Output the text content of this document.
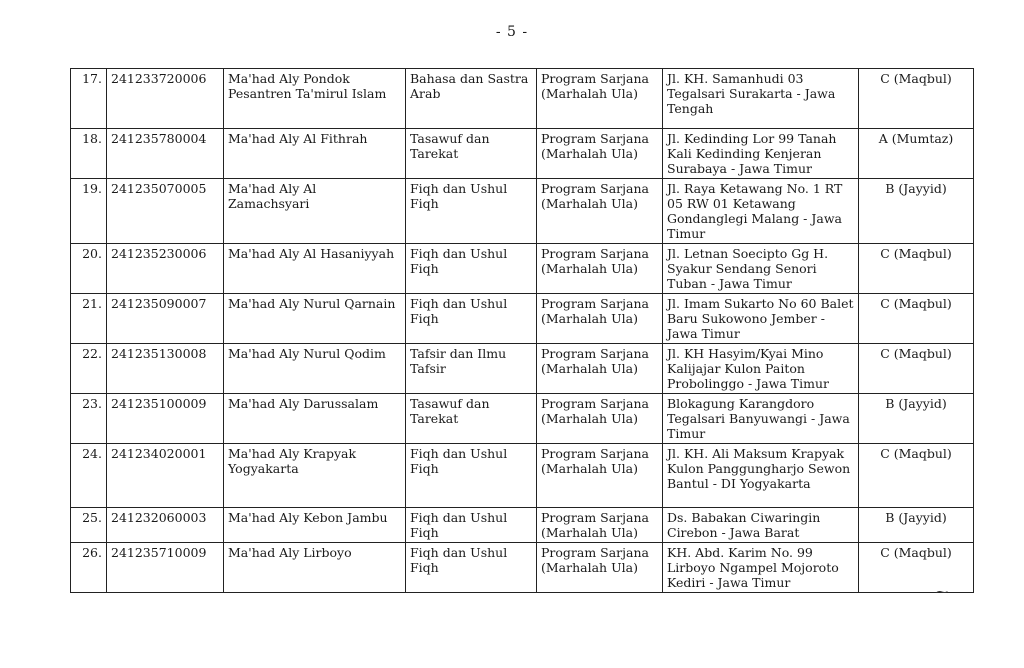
- 5 -
17.	241233720006	Ma'had Aly Pondok Pesantren Ta'mirul Islam	Bahasa dan Sastra Arab	Program Sarjana (Marhalah Ula)	Jl. KH. Samanhudi 03 Tegalsari Surakarta - Jawa Tengah	C (Maqbul)
18.	241235780004	Ma'had Aly Al Fithrah	Tasawuf dan Tarekat	Program Sarjana (Marhalah Ula)	Jl. Kedinding Lor 99 Tanah Kali Kedinding Kenjeran Surabaya - Jawa Timur	A (Mumtaz)
19.	241235070005	Ma'had Aly Al Zamachsyari	Fiqh dan Ushul Fiqh	Program Sarjana (Marhalah Ula)	Jl. Raya Ketawang No. 1 RT 05 RW 01 Ketawang Gondanglegi Malang - Jawa Timur	B (Jayyid)
20.	241235230006	Ma'had Aly Al Hasaniyyah	Fiqh dan Ushul Fiqh	Program Sarjana (Marhalah Ula)	Jl. Letnan Soecipto Gg H. Syakur Sendang Senori Tuban - Jawa Timur	C (Maqbul)
21.	241235090007	Ma'had Aly Nurul Qarnain	Fiqh dan Ushul Fiqh	Program Sarjana (Marhalah Ula)	Jl. Imam Sukarto No 60 Balet Baru Sukowono Jember - Jawa Timur	C (Maqbul)
22.	241235130008	Ma'had Aly Nurul Qodim	Tafsir dan Ilmu Tafsir	Program Sarjana (Marhalah Ula)	Jl. KH Hasyim/Kyai Mino Kalijajar Kulon Paiton Probolinggo - Jawa Timur	C (Maqbul)
23.	241235100009	Ma'had Aly Darussalam	Tasawuf dan Tarekat	Program Sarjana (Marhalah Ula)	Blokagung Karangdoro Tegalsari Banyuwangi - Jawa Timur	B (Jayyid)
24.	241234020001	Ma'had Aly Krapyak Yogyakarta	Fiqh dan Ushul Fiqh	Program Sarjana (Marhalah Ula)	Jl. KH. Ali Maksum Krapyak Kulon Panggungharjo Sewon Bantul - DI Yogyakarta	C (Maqbul)
25.	241232060003	Ma'had Aly Kebon Jambu	Fiqh dan Ushul Fiqh	Program Sarjana (Marhalah Ula)	Ds. Babakan Ciwaringin Cirebon - Jawa Barat	B (Jayyid)
26.	241235710009	Ma'had Aly Lirboyo	Fiqh dan Ushul Fiqh	Program Sarjana (Marhalah Ula)	KH. Abd. Karim No. 99 Lirboyo Ngampel Mojoroto Kediri - Jawa Timur	C (Maqbul)
⁓
